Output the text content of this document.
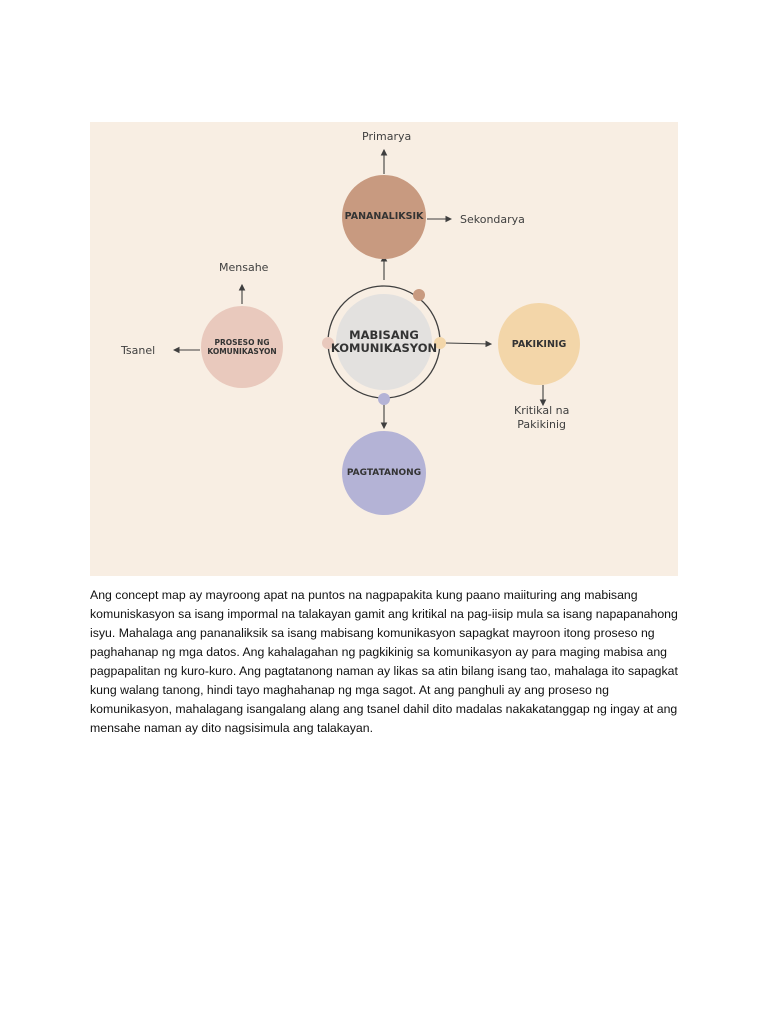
MABISANG
KOMUNIKASYON
PANANALIKSIK
PROSESO NG
KOMUNIKASYON
PAKIKINIG
PAGTATANONG
Primarya
Sekondarya
Mensahe
Tsanel
Kritikal na
Pakikinig

Ang concept map ay mayroong apat na puntos na nagpapakita kung paano maiituring ang mabisang komuniskasyon sa isang impormal na talakayan gamit ang kritikal na pag-iisip mula sa isang napapanahong isyu. Mahalaga ang pananaliksik sa isang mabisang komunikasyon sapagkat mayroon itong proseso ng paghahanap ng mga datos. Ang kahalagahan ng pagkikinig sa komunikasyon ay para maging mabisa ang pagpapalitan ng kuro-kuro. Ang pagtatanong naman ay likas sa atin bilang isang tao, mahalaga ito sapagkat kung walang tanong, hindi tayo maghahanap ng mga sagot. At ang panghuli ay ang proseso ng komunikasyon, mahalagang isangalang alang ang tsanel dahil dito madalas nakakatanggap ng ingay at ang mensahe naman ay dito nagsisimula ang talakayan.
